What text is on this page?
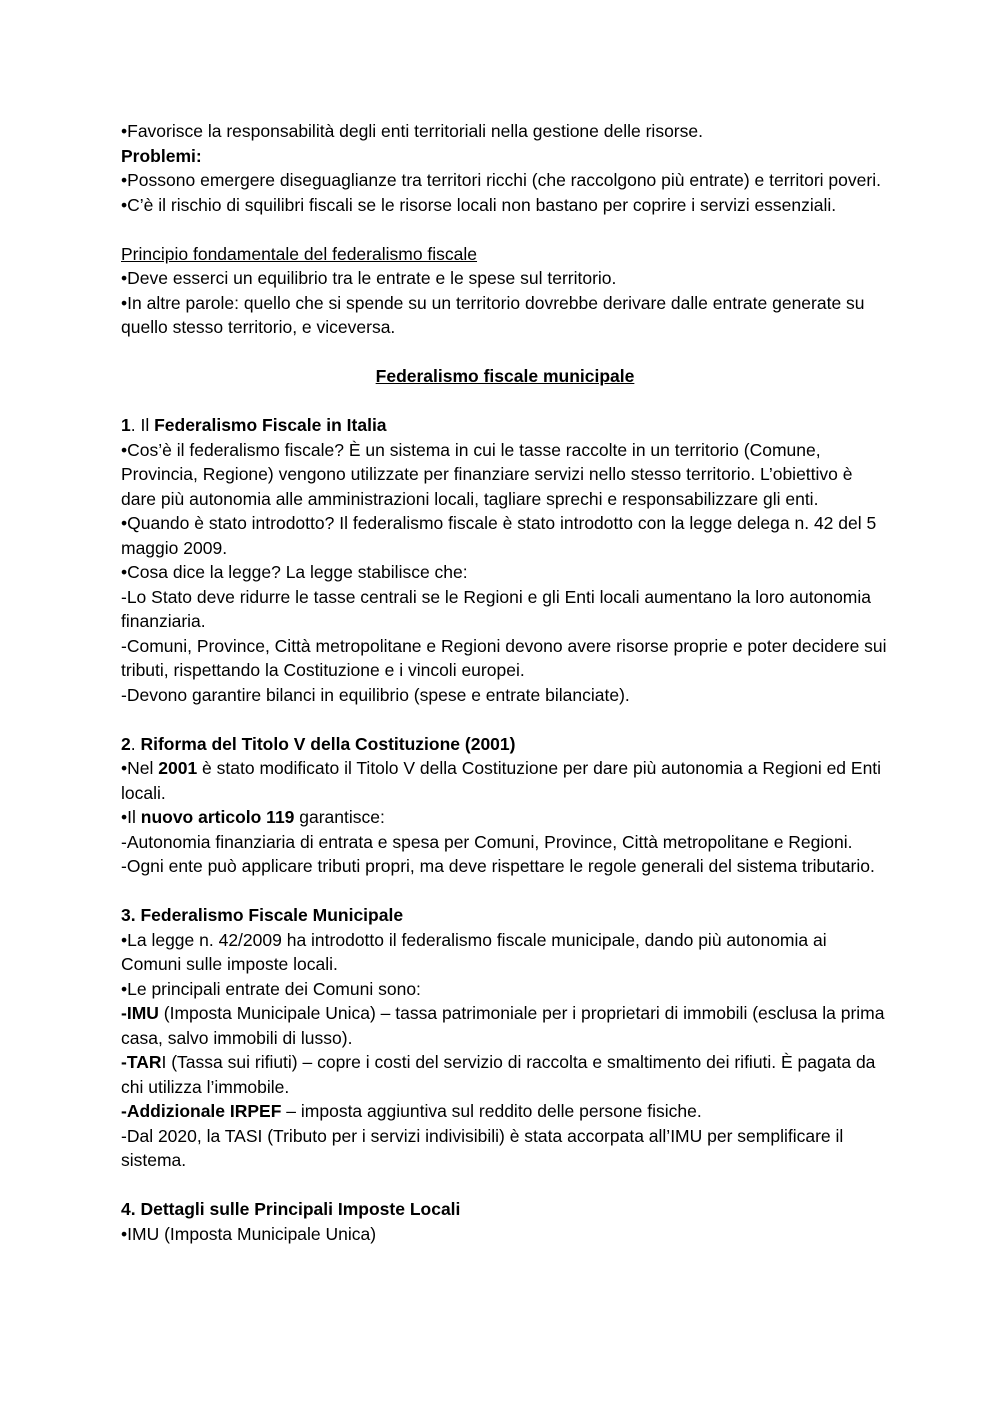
•Favorisce la responsabilità degli enti territoriali nella gestione delle risorse.

Problemi:

•Possono emergere diseguaglianze tra territori ricchi (che raccolgono più entrate) e territori poveri.

•C’è il rischio di squilibri fiscali se le risorse locali non bastano per coprire i servizi essenziali.

Principio fondamentale del federalismo fiscale

•Deve esserci un equilibrio tra le entrate e le spese sul territorio.

•In altre parole: quello che si spende su un territorio dovrebbe derivare dalle entrate generate su quello stesso territorio, e viceversa.

Federalismo fiscale municipale

1. Il Federalismo Fiscale in Italia

•Cos’è il federalismo fiscale? È un sistema in cui le tasse raccolte in un territorio (Comune, Provincia, Regione) vengono utilizzate per finanziare servizi nello stesso territorio. L’obiettivo è dare più autonomia alle amministrazioni locali, tagliare sprechi e responsabilizzare gli enti.

•Quando è stato introdotto? Il federalismo fiscale è stato introdotto con la legge delega n. 42 del 5 maggio 2009.

•Cosa dice la legge? La legge stabilisce che:

-Lo Stato deve ridurre le tasse centrali se le Regioni e gli Enti locali aumentano la loro autonomia finanziaria.

-Comuni, Province, Città metropolitane e Regioni devono avere risorse proprie e poter decidere sui tributi, rispettando la Costituzione e i vincoli europei.

-Devono garantire bilanci in equilibrio (spese e entrate bilanciate).

2. Riforma del Titolo V della Costituzione (2001)

•Nel 2001 è stato modificato il Titolo V della Costituzione per dare più autonomia a Regioni ed Enti locali.

•Il nuovo articolo 119 garantisce:

-Autonomia finanziaria di entrata e spesa per Comuni, Province, Città metropolitane e Regioni.

-Ogni ente può applicare tributi propri, ma deve rispettare le regole generali del sistema tributario.

3. Federalismo Fiscale Municipale

•La legge n. 42/2009 ha introdotto il federalismo fiscale municipale, dando più autonomia ai Comuni sulle imposte locali.

•Le principali entrate dei Comuni sono:

-IMU (Imposta Municipale Unica) – tassa patrimoniale per i proprietari di immobili (esclusa la prima casa, salvo immobili di lusso).

-TARI (Tassa sui rifiuti) – copre i costi del servizio di raccolta e smaltimento dei rifiuti. È pagata da chi utilizza l’immobile.

-Addizionale IRPEF – imposta aggiuntiva sul reddito delle persone fisiche.

-Dal 2020, la TASI (Tributo per i servizi indivisibili) è stata accorpata all’IMU per semplificare il sistema.

4. Dettagli sulle Principali Imposte Locali

•IMU (Imposta Municipale Unica)
